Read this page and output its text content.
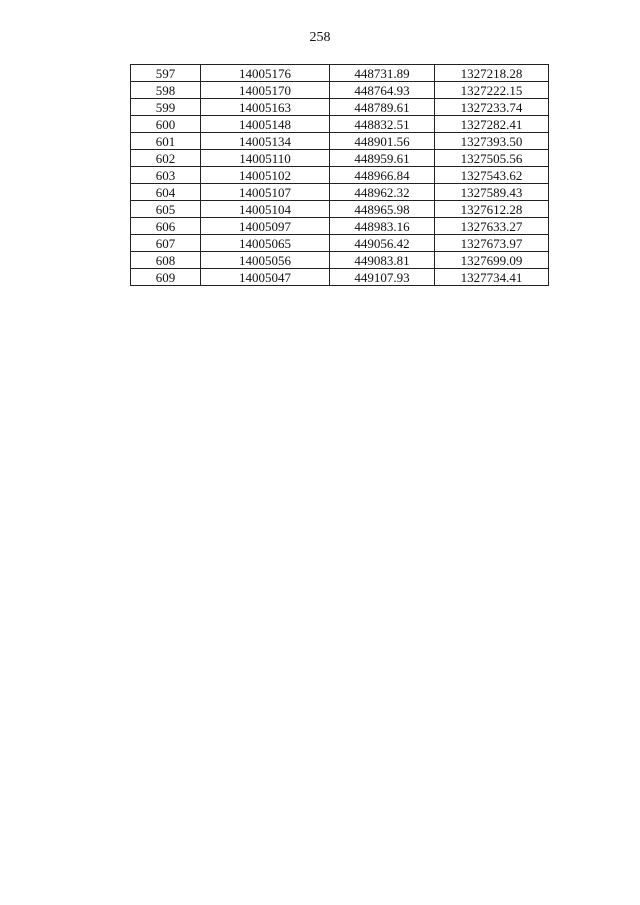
258
597	14005176	448731.89	1327218.28
598	14005170	448764.93	1327222.15
599	14005163	448789.61	1327233.74
600	14005148	448832.51	1327282.41
601	14005134	448901.56	1327393.50
602	14005110	448959.61	1327505.56
603	14005102	448966.84	1327543.62
604	14005107	448962.32	1327589.43
605	14005104	448965.98	1327612.28
606	14005097	448983.16	1327633.27
607	14005065	449056.42	1327673.97
608	14005056	449083.81	1327699.09
609	14005047	449107.93	1327734.41
